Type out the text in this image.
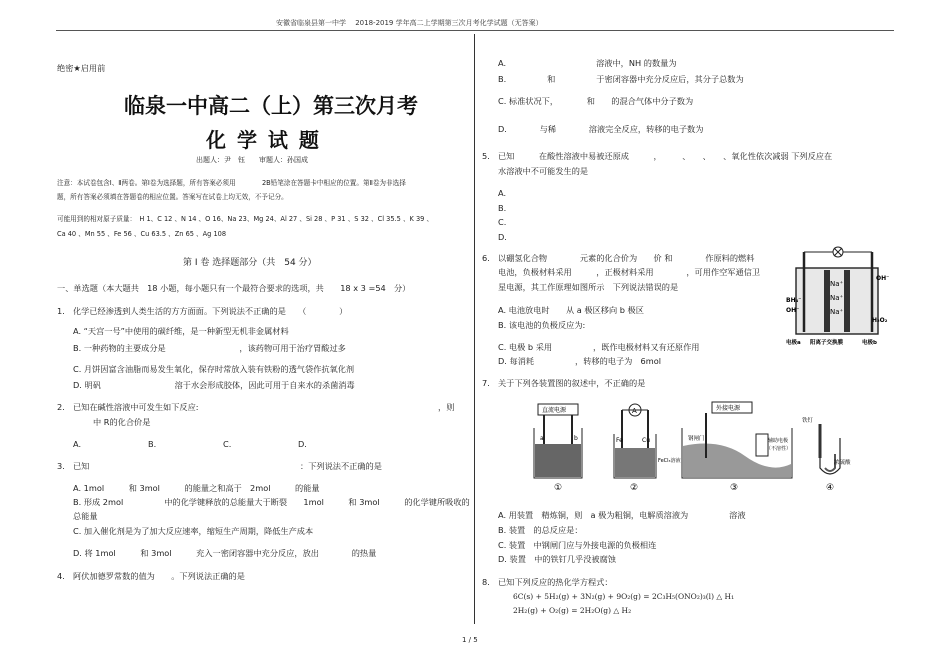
安徽省临泉县第一中学　 2018-2019 学年高二上学期第三次月考化学试题（无答案）
绝密★启用前
临泉一中高二（上）第三次月考
化 学 试 题
出题人：尹　钰　　审题人：孙国成
注意：本试卷包含Ⅰ、Ⅱ两卷。第Ⅰ卷为选择题，所有答案必须用　　　　2B铅笔涂在答题卡中相应的位置。第Ⅱ卷为非选择
题，所有答案必须填在答题卷的相应位置。答案写在试卷上均无效，不予记分。
可能用到的相对原子质量：　H 1、C 12 、N 14 、O 16、Na 23、Mg 24、Al 27 、Si 28 、P 31 、S 32 、Cl 35.5 、K 39 、
Ca 40 、Mn 55 、Fe 56 、Cu 63.5 、Zn 65 、Ag 108
第 Ⅰ 卷 选择题部分（共　54 分）
一、单选题（本大题共　18 小题，每小题只有一个最符合要求的选项，共　　18 x 3 =54　分）
1.　化学已经渗透到人类生活的方方面面。下列说法不正确的是　　（　　　　）
A. “天宫一号”中使用的碳纤维，是一种新型无机非金属材料
B. 一种药物的主要成分是　　　　　　　　　，该药物可用于治疗胃酸过多
C. 月饼因富含油脂而易发生氧化，保存时常放入装有铁粉的透气袋作抗氧化剂
D. 明矾　　　　　　　　　溶于水会形成胶体，因此可用于自来水的杀菌消毒
2.　已知在碱性溶液中可发生如下反应:	，则
中 R的化合价是
A.	B.	C.	D.
3.　已知	：下列说法不正确的是
A. 1mol　　　和 3mol　　　的能量之和高于　2mol　　　的能量
B. 形成 2mol　　　　　中的化学键释放的总能量大于断裂　　1mol　　　和 3mol　　　的化学键所吸收的
总能量
C. 加入催化剂是为了加大反应速率，缩短生产周期，降低生产成本
D. 将 1mol　　　和 3mol　　　充入一密闭容器中充分反应，放出　　　　的热量
4.　阿伏加德罗常数的值为　　。下列说法正确的是
A.　　　　　　　　　　　溶液中，NH 的数量为
B.　　　　　和　　　　　于密闭容器中充分反应后，其分子总数为
C. 标准状况下，　　　　和　　的混合气体中分子数为
D.　　　　与稀　　　　溶液完全反应，转移的电子数为
5.　已知　　　在酸性溶液中易被还原成　　　，　　　、　　、　　、氧化性依次减弱 下列反应在
水溶液中不可能发生的是
A.
B.
C.
D.
6.　以硼氢化合物　　　　元素的化合价为　　价 和　　　　作原料的燃料
电池，负极材料采用　　　，正极材料采用　　　　，可用作空军通信卫
星电源，其工作原理如图所示　下列说法错误的是
A. 电池放电时　　从 a 极区移向 b 极区
B. 该电池的负极反应为:
C. 电极 b 采用　　　　　，既作电极材料又有还原作用
D. 每消耗　　　　　，转移的电子为　6mol
Na⁺
Na⁺
Na⁺
BH₄⁻
OH⁻
OH⁻
H₂O₂
电极a 阳离子交换膜	电极b
7.　关于下列各装置图的叙述中，不正确的是
直流电源
a	b
①
A
Fe	Cu
FeCl₃溶液
②
外接电源
钢闸门	辅助电极
（不溶性）
③
铁钉
浓硫酸
④
A. 用装置　精炼铜，则　a 极为粗铜，电解质溶液为　　　　　溶液
B. 装置　的总反应是：
C. 装置　中钢闸门应与外接电源的负极相连
D. 装置　中的铁钉几乎没被腐蚀
8.　已知下列反应的热化学方程式：
6C(s) + 5H₂(g) + 3N₂(g) + 9O₂(g) = 2C₃H₅(ONO₂)₃(l) △ H₁
2H₂(g) + O₂(g) = 2H₂O(g) △ H₂
1 / 5
